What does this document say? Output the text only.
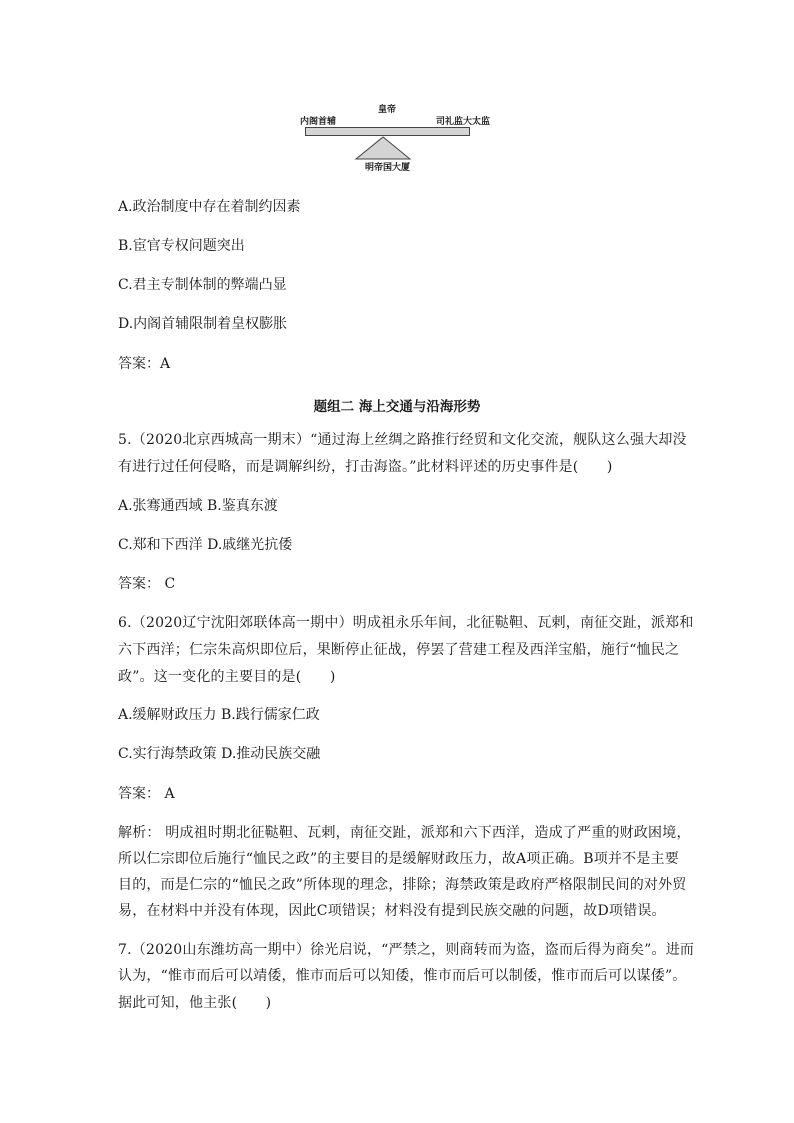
皇帝
内阁首辅	司礼监大太监
明帝国大厦
A.政治制度中存在着制约因素
B.宦官专权问题突出
C.君主专制体制的弊端凸显
D.内阁首辅限制着皇权膨胀
答案：A
题组二 海上交通与沿海形势
5.（2020北京西城高一期末）“通过海上丝绸之路推行经贸和文化交流，舰队这么强大却没
有进行过任何侵略，而是调解纠纷，打击海盗。”此材料评述的历史事件是(　　)
A.张骞通西域 B.鉴真东渡
C.郑和下西洋 D.戚继光抗倭
答案： C
6.（2020辽宁沈阳郊联体高一期中）明成祖永乐年间，北征鞑靼、瓦剌，南征交趾，派郑和
六下西洋；仁宗朱高炽即位后，果断停止征战，停罢了营建工程及西洋宝船，施行“恤民之
政”。这一变化的主要目的是(　　)
A.缓解财政压力 B.践行儒家仁政
C.实行海禁政策 D.推动民族交融
答案： A
解析： 明成祖时期北征鞑靼、瓦剌，南征交趾，派郑和六下西洋，造成了严重的财政困境，
所以仁宗即位后施行“恤民之政”的主要目的是缓解财政压力，故A项正确。B项并不是主要
目的，而是仁宗的“恤民之政”所体现的理念，排除；海禁政策是政府严格限制民间的对外贸
易，在材料中并没有体现，因此C项错误；材料没有提到民族交融的问题，故D项错误。
7.（2020山东潍坊高一期中）徐光启说，“严禁之，则商转而为盗，盗而后得为商矣”。进而
认为，“惟市而后可以靖倭，惟市而后可以知倭，惟市而后可以制倭，惟市而后可以谋倭”。
据此可知，他主张(　　)
